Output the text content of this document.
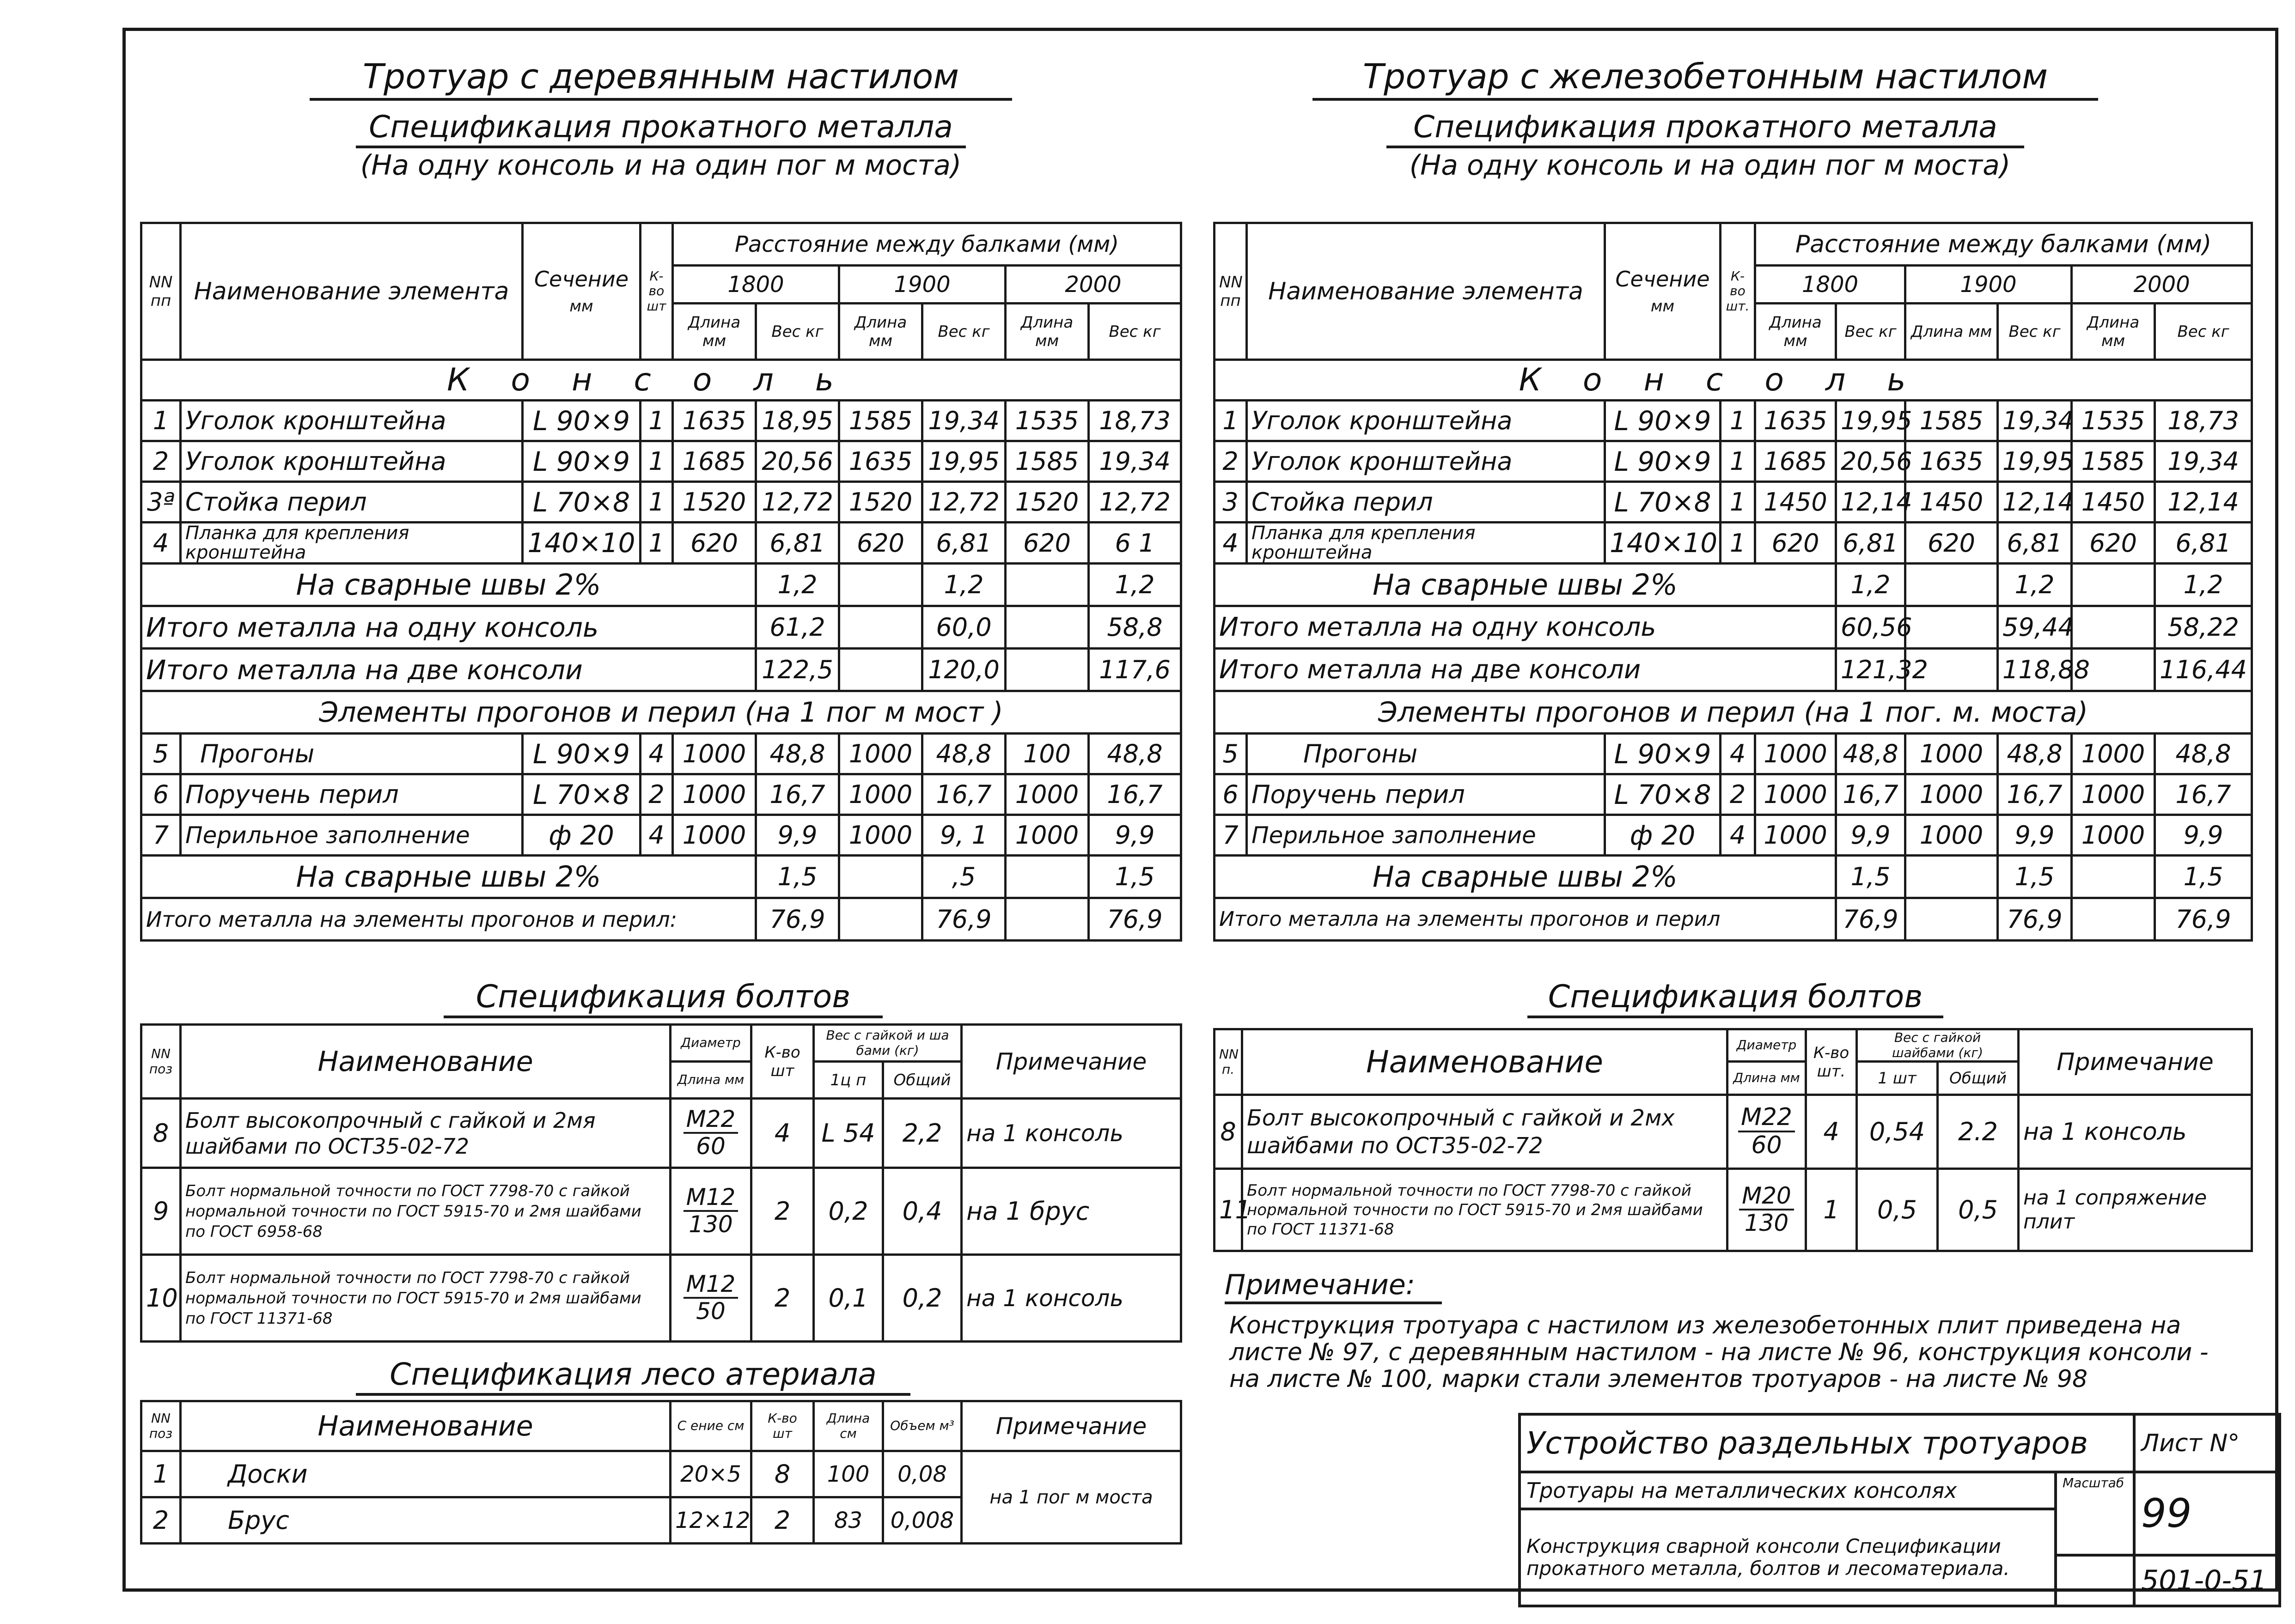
Тротуар с деревянным настилом
Спецификация прокатного металла
(На одну консоль и на один пог м моста)
Тротуар с железобетонным настилом
Спецификация прокатного металла
(На одну консоль и на один пог м моста)
NN пп	Наименование элемента	Сечение
мм	К-во
шт	Расстояние между балками (мм)					
				1800		1900		2000	
				Длина мм	Вес кг	Длина мм	Вес кг	Длина мм	Вес кг
Консоль									
1	Уголок кронштейна	L 90×9	1	1635	18,95	1585	19,34	1535	18,73
2	Уголок кронштейна	L 90×9	1	1685	20,56	1635	19,95	1585	19,34
3ª	Стойка перил	L 70×8	1	1520	12,72	1520	12,72	1520	12,72
4	Планка для крепления кронштейна	140×10	1	620	6,81	620	6,81	620	6 1
На сварные швы 2%					1,2		1,2		1,2
Итого металла на одну консоль					61,2		60,0		58,8
Итого металла на две консоли					122,5		120,0		117,6
Элементы прогонов и перил (на 1 пог м мост )									
5	Прогоны	L 90×9	4	1000	48,8	1000	48,8	100	48,8
6	Поручень перил	L 70×8	2	1000	16,7	1000	16,7	1000	16,7
7	Перильное заполнение	ф 20	4	1000	9,9	1000	9, 1	1000	9,9
На сварные швы 2%					1,5		,5		1,5
Итого металла на элементы прогонов и перил:					76,9		76,9		76,9
NN пп	Наименование элемента	Сечение
мм	К-во
шт.	Расстояние между балками (мм)					
				1800		1900		2000	
				Длина мм	Вес кг	Длина мм	Вес кг	Длина мм	Вес кг
Консоль									
1	Уголок кронштейна	L 90×9	1	1635	19,95	1585	19,34	1535	18,73
2	Уголок кронштейна	L 90×9	1	1685	20,56	1635	19,95	1585	19,34
3	Стойка перил	L 70×8	1	1450	12,14	1450	12,14	1450	12,14
4	Планка для крепления кронштейна	140×10	1	620	6,81	620	6,81	620	6,81
На сварные швы 2%					1,2		1,2		1,2
Итого металла на одну консоль					60,56		59,44		58,22
Итого металла на две консоли					121,32		118,88		116,44
Элементы прогонов и перил (на 1 пог. м. моста)									
5	Прогоны	L 90×9	4	1000	48,8	1000	48,8	1000	48,8
6	Поручень перил	L 70×8	2	1000	16,7	1000	16,7	1000	16,7
7	Перильное заполнение	ф 20	4	1000	9,9	1000	9,9	1000	9,9
На сварные швы 2%					1,5		1,5		1,5
Итого металла на элементы прогонов и перил					76,9		76,9		76,9
Спецификация болтов
NN поз	Наименование	Диаметр	К-во
шт	Вес с гайкой и ша бами (кг)		Примечание
		Длина мм		1ц п	Общий	
8	Болт высокопрочный с гайкой и 2мя шайбами по ОСТ35-02-72	$\frac{М22}{60}$	4	L 54	2,2	на 1 консоль
9	Болт нормальной точности по ГОСТ 7798-70 с гайкой нормальной точности по ГОСТ 5915-70 и 2мя шайбами по ГОСТ 6958-68	$\frac{М12}{130}$	2	0,2	0,4	на 1 брус
10	Болт нормальной точности по ГОСТ 7798-70 с гайкой нормальной точности по ГОСТ 5915-70 и 2мя шайбами по ГОСТ 11371-68	$\frac{М12}{50}$	2	0,1	0,2	на 1 консоль
Спецификация лесо атериала
NN поз	Наименование	С ение см	К-во шт	Длина см	Объем м³	Примечание
1	Доски	20×5	8	100	0,08	на 1 пог м моста
2	Брус	12×12	2	83	0,008	
Спецификация болтов
NN п.	Наименование	Диаметр	К-во
шт.	Вес с гайкой шайбами (кг)		Примечание
		Длина мм		1 шт	Общий	
8	Болт высокопрочный с гайкой и 2мх шайбами по ОСТ35-02-72	$\frac{М22}{60}$	4	0,54	2.2	на 1 консоль
11	Болт нормальной точности по ГОСТ 7798-70 с гайкой нормальной точности по ГОСТ 5915-70 и 2мя шайбами по ГОСТ 11371-68	$\frac{М20}{130}$	1	0,5	0,5	на 1 сопряжение плит
Примечание:
Конструкция тротуара с настилом из железобетонных плит приведена на листе № 97, с деревянным настилом - на листе № 96, конструкция консоли - на листе № 100, марки стали элементов тротуаров - на листе № 98
Устройство раздельных тротуаров		Лист N°
Тротуары на металлических консолях	Масштаб	99
Конструкция сварной консоли Спецификации прокатного металла, болтов и лесоматериала.		
		501-0-51
